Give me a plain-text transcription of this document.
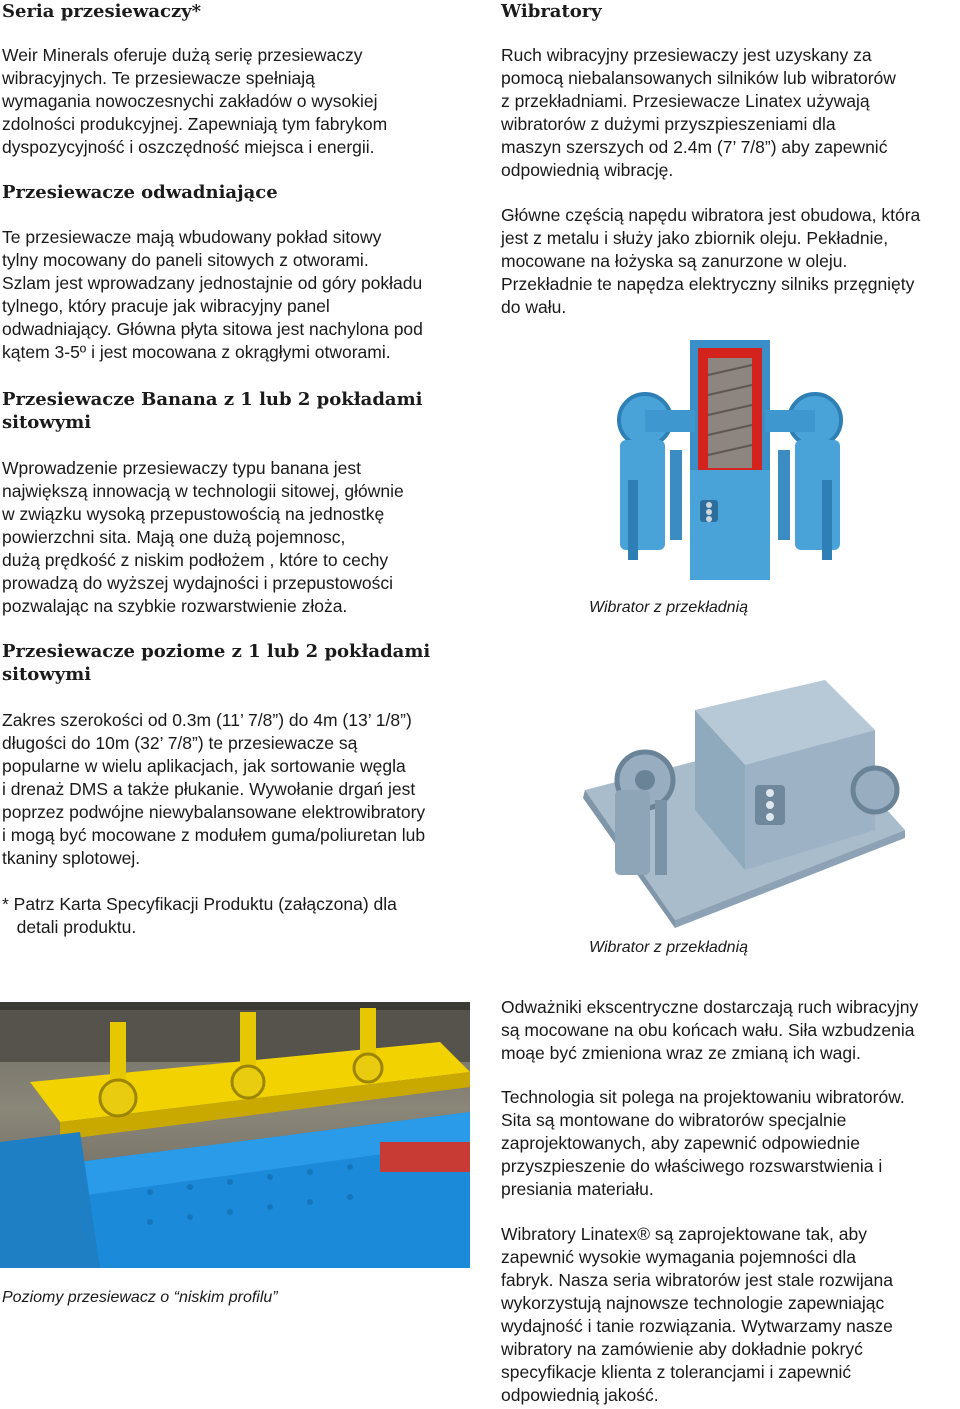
Seria przesiewaczy*

Weir Minerals oferuje dużą serię przesiewaczy

wibracyjnych. Te przesiewacze spełniają

wymagania nowoczesnychi zakładów o wysokiej

zdolności produkcyjnej. Zapewniają tym fabrykom

dyspozycyjność i oszczędność miejsca i energii.

Przesiewacze odwadniające

Te przesiewacze mają wbudowany pokład sitowy

tylny mocowany do paneli sitowych z otworami.

Szlam jest wprowadzany jednostajnie od góry pokładu

tylnego, który pracuje jak wibracyjny panel

odwadniający. Główna płyta sitowa jest nachylona pod

kątem 3-5º i jest mocowana z okrągłymi otworami.

Przesiewacze Banana z 1 lub 2 pokładami
sitowymi

Wprowadzenie przesiewaczy typu banana jest

największą innowacją w technologii sitowej, głównie

w związku wysoką przepustowością na jednostkę

powierzchni sita. Mają one dużą pojemnosc,

dużą prędkość z niskim podłożem , które to cechy

prowadzą do wyższej wydajności i przepustowości

pozwalając na szybkie rozwarstwienie złoża.

Przesiewacze poziome z 1 lub 2 pokładami
sitowymi

Zakres szerokości od 0.3m (11’ 7/8”) do 4m (13’ 1/8”)

długości do 10m (32’ 7/8”) te przesiewacze są

popularne w wielu aplikacjach, jak sortowanie węgla

i drenaż DMS a także płukanie. Wywołanie drgań jest

poprzez podwójne niewybalansowane elektrowibratory

i mogą być mocowane z modułem guma/poliuretan lub

tkaniny splotowej.

* Patrz Karta Specyfikacji Produktu (załączona) dla

detali produktu.

Poziomy przesiewacz o “niskim profilu”
Wibratory

Ruch wibracyjny przesiewaczy jest uzyskany za

pomocą niebalansowanych silników lub wibratorów

z przekładniami. Przesiewacze Linatex używają

wibratorów z dużymi przyszpieszeniami dla

maszyn szerszych od 2.4m (7’ 7/8”) aby zapewnić

odpowiednią wibrację.

Główne częścią napędu wibratora jest obudowa, która

jest z metalu i służy jako zbiornik oleju. Pekładnie,

mocowane na łożyska są zanurzone w oleju.

Przekładnie te napędza elektryczny silniks przęgnięty

do wału.

Wibrator z przekładnią
Wibrator z przekładnią

Odważniki ekscentryczne dostarczają ruch wibracyjny

są mocowane na obu końcach wału. Siła wzbudzenia

moąe być zmieniona wraz ze zmianą ich wagi.

Technologia sit polega na projektowaniu wibratorów.

Sita są montowane do wibratorów specjalnie

zaprojektowanych, aby zapewnić odpowiednie

przyszpieszenie do właściwego rozswarstwienia i

presiania materiału.

Wibratory Linatex® są zaprojektowane tak, aby

zapewnić wysokie wymagania pojemności dla

fabryk. Nasza seria wibratorów jest stale rozwijana

wykorzystują najnowsze technologie zapewniając

wydajność i tanie rozwiązania. Wytwarzamy nasze

wibratory na zamówienie aby dokładnie pokryć

specyfikacje klienta z tolerancjami i zapewnić

odpowiednią jakość.
